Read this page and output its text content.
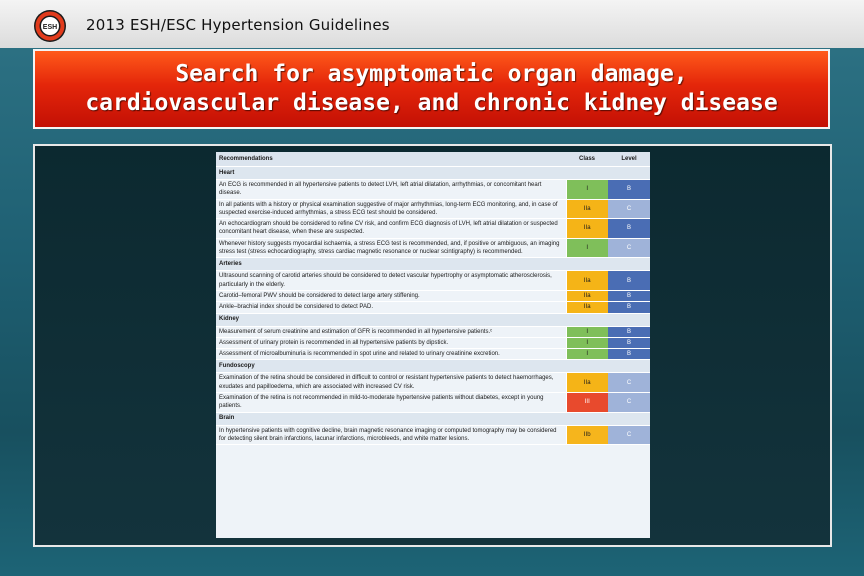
ESH 2013 ESH/ESC Hypertension Guidelines
Search for asymptomatic organ damage,
cardiovascular disease, and chronic kidney disease
Recommendations	Class	Level
Heart		
An ECG is recommended in all hypertensive patients to detect LVH, left atrial dilatation, arrhythmias, or concomitant heart disease.	I	B
In all patients with a history or physical examination suggestive of major arrhythmias, long-term ECG monitoring, and, in case of suspected exercise-induced arrhythmias, a stress ECG test should be considered.	IIa	C
An echocardiogram should be considered to refine CV risk, and confirm ECG diagnosis of LVH, left atrial dilatation or suspected concomitant heart disease, when these are suspected.	IIa	B
Whenever history suggests myocardial ischaemia, a stress ECG test is recommended, and, if positive or ambiguous, an imaging stress test (stress echocardiography, stress cardiac magnetic resonance or nuclear scintigraphy) is recommended.	I	C
Arteries		
Ultrasound scanning of carotid arteries should be considered to detect vascular hypertrophy or asymptomatic atherosclerosis, particularly in the elderly.	IIa	B
Carotid–femoral PWV should be considered to detect large artery stiffening.	IIa	B
Ankle–brachial index should be considered to detect PAD.	IIa	B
Kidney		
Measurement of serum creatinine and estimation of GFR is recommended in all hypertensive patients.ᶜ	I	B
Assessment of urinary protein is recommended in all hypertensive patients by dipstick.	I	B
Assessment of microalbuminuria is recommended in spot urine and related to urinary creatinine excretion.	I	B
Fundoscopy		
Examination of the retina should be considered in difficult to control or resistant hypertensive patients to detect haemorrhages, exudates and papilloedema, which are associated with increased CV risk.	IIa	C
Examination of the retina is not recommended in mild-to-moderate hypertensive patients without diabetes, except in young patients.	III	C
Brain		
In hypertensive patients with cognitive decline, brain magnetic resonance imaging or computed tomography may be considered for detecting silent brain infarctions, lacunar infarctions, microbleeds, and white matter lesions.	IIb	C
